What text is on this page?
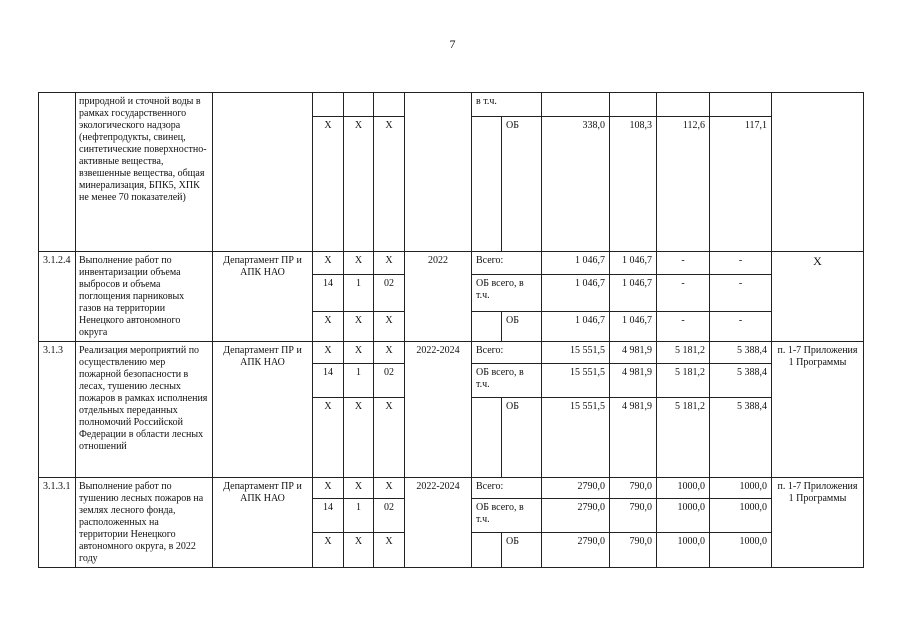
7
	природной и сточной воды в рамках государственного экологического надзора (нефтепродукты, свинец, синтетические поверхностно-активные вещества, взвешенные вещества, общая минерализация, БПК5, ХПК не менее 70 показателей)						в т.ч.						
			X	X	X			ОБ	338,0	108,3	112,6	117,1	
3.1.2.4	Выполнение работ по инвентаризации объема выбросов и объема поглощения парниковых газов на территории Ненецкого автономного округа	Департамент ПР и АПК НАО	X	X	X	2022	Всего:		1 046,7	1 046,7	-	-	X
			14	1	02		ОБ всего, в т.ч.		1 046,7	1 046,7	-	-	
			X	X	X			ОБ	1 046,7	1 046,7	-	-	
3.1.3	Реализация мероприятий по осуществлению мер пожарной безопасности в лесах, тушению лесных пожаров в рамках исполнения отдельных переданных полномочий Российской Федерации в области лесных отношений	Департамент ПР и АПК НАО	X	X	X	2022-2024	Всего:		15 551,5	4 981,9	5 181,2	5 388,4	п. 1-7 Приложения 1 Программы
			14	1	02		ОБ всего, в т.ч.		15 551,5	4 981,9	5 181,2	5 388,4	
			X	X	X			ОБ	15 551,5	4 981,9	5 181,2	5 388,4	
3.1.3.1	Выполнение работ по тушению лесных пожаров на землях лесного фонда, расположенных на территории Ненецкого автономного округа, в 2022 году	Департамент ПР и АПК НАО	X	X	X	2022-2024	Всего:		2790,0	790,0	1000,0	1000,0	п. 1-7 Приложения 1 Программы
			14	1	02		ОБ всего, в т.ч.		2790,0	790,0	1000,0	1000,0	
			X	X	X			ОБ	2790,0	790,0	1000,0	1000,0	
